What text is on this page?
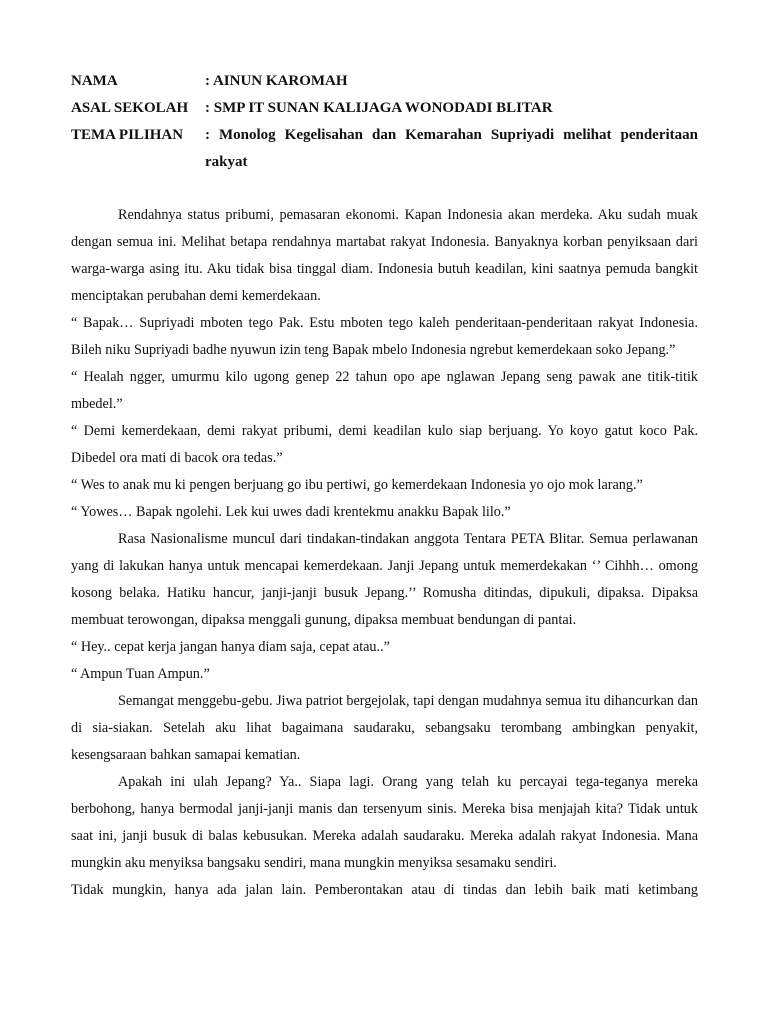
NAMA	: AINUN KAROMAH
ASAL SEKOLAH : SMP IT SUNAN KALIJAGA WONODADI BLITAR
TEMA PILIHAN : Monolog Kegelisahan dan Kemarahan Supriyadi melihat penderitaan rakyat

Rendahnya status pribumi, pemasaran ekonomi. Kapan Indonesia akan merdeka. Aku sudah muak dengan semua ini. Melihat betapa rendahnya martabat rakyat Indonesia. Banyaknya korban penyiksaan dari warga-warga asing itu. Aku tidak bisa tinggal diam. Indonesia butuh keadilan, kini saatnya pemuda bangkit menciptakan perubahan demi kemerdekaan.

“ Bapak… Supriyadi mboten tego Pak. Estu mboten tego kaleh penderitaan-penderitaan rakyat Indonesia. Bileh niku Supriyadi badhe nyuwun izin teng Bapak mbelo Indonesia ngrebut kemerdekaan soko Jepang.”

“ Healah ngger, umurmu kilo ugong genep 22 tahun opo ape nglawan Jepang seng pawak ane titik-titik mbedel.”

“ Demi kemerdekaan, demi rakyat pribumi, demi keadilan kulo siap berjuang. Yo koyo gatut koco Pak. Dibedel ora mati di bacok ora tedas.”

“ Wes to anak mu ki pengen berjuang go ibu pertiwi, go kemerdekaan Indonesia yo ojo mok larang.”

“ Yowes… Bapak ngolehi. Lek kui uwes dadi krentekmu anakku Bapak lilo.”

Rasa Nasionalisme muncul dari tindakan-tindakan anggota Tentara PETA Blitar. Semua perlawanan yang di lakukan hanya untuk mencapai kemerdekaan. Janji Jepang untuk memerdekakan ‘’ Cihhh… omong kosong belaka. Hatiku hancur, janji-janji busuk Jepang.’’ Romusha ditindas, dipukuli, dipaksa. Dipaksa membuat terowongan, dipaksa menggali gunung, dipaksa membuat bendungan di pantai.

“ Hey.. cepat kerja jangan hanya diam saja, cepat atau..”

“ Ampun Tuan Ampun.”

Semangat menggebu-gebu. Jiwa patriot bergejolak, tapi dengan mudahnya semua itu dihancurkan dan di sia-siakan. Setelah aku lihat bagaimana saudaraku, sebangsaku terombang ambingkan penyakit, kesengsaraan bahkan samapai kematian.

Apakah ini ulah Jepang? Ya.. Siapa lagi. Orang yang telah ku percayai tega-teganya mereka berbohong, hanya bermodal janji-janji manis dan tersenyum sinis. Mereka bisa menjajah kita? Tidak untuk saat ini, janji busuk di balas kebusukan. Mereka adalah saudaraku. Mereka adalah rakyat Indonesia. Mana mungkin aku menyiksa bangsaku sendiri, mana mungkin menyiksa sesamaku sendiri.

Tidak mungkin, hanya ada jalan lain. Pemberontakan atau di tindas dan lebih baik mati ketimbang
